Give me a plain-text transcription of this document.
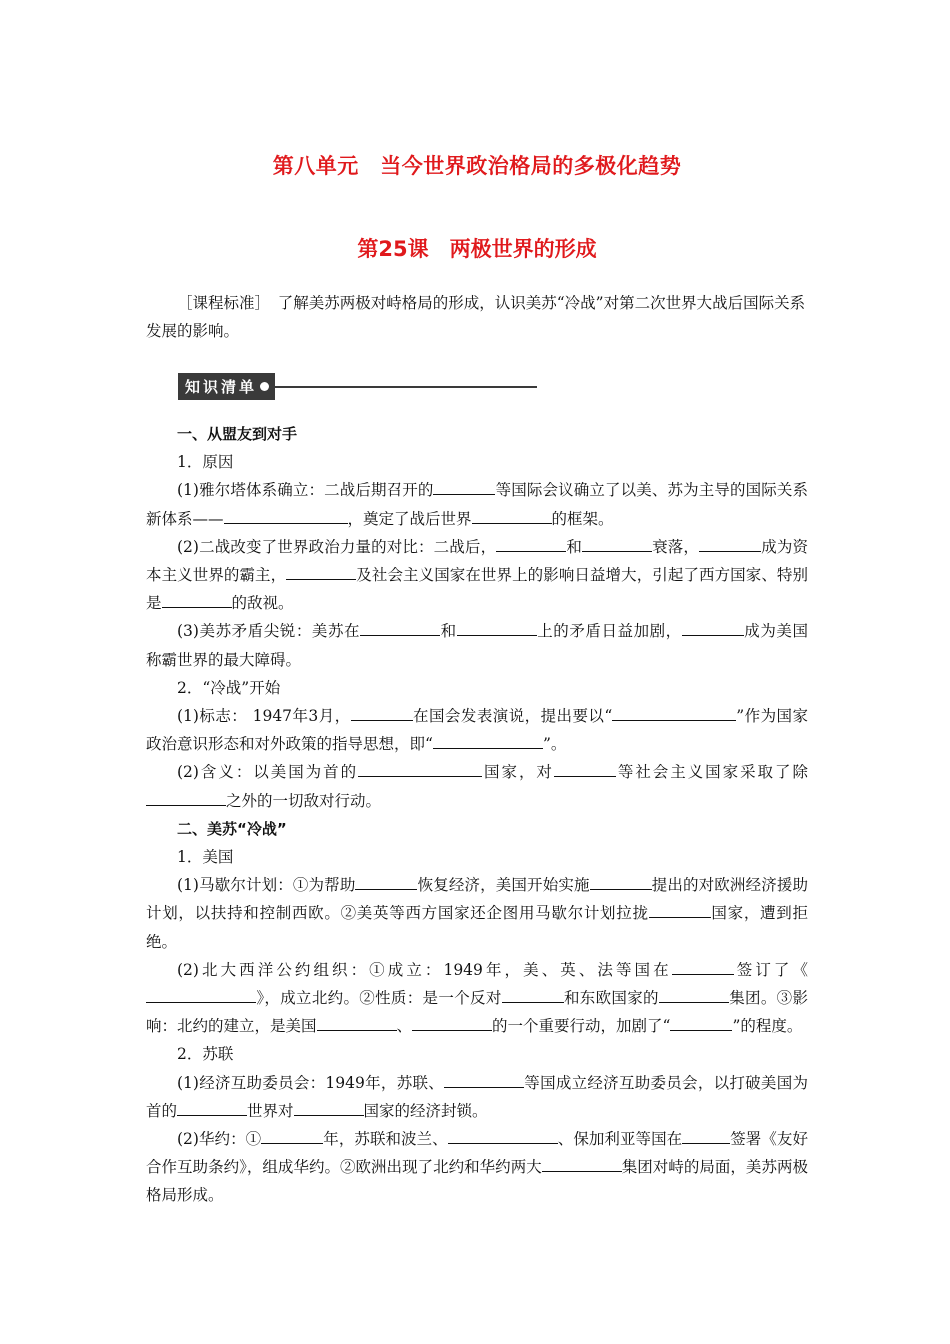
第八单元　当今世界政治格局的多极化趋势
第25课　两极世界的形成
［课程标准］　了解美苏两极对峙格局的形成，认识美苏“冷战”对第二次世界大战后国际关系发展的影响。
知识清单

一、从盟友到对手

1．原因

(1)雅尔塔体系确立：二战后期召开的	等国际会议确立了以美、苏为主导的国际关系新体系——	，奠定了战后世界	的框架。

(2)二战改变了世界政治力量的对比：二战后，	和	衰落，	成为资本主义世界的霸主，	及社会主义国家在世界上的影响日益增大，引起了西方国家、特别是	的敌视。

(3)美苏矛盾尖锐：美苏在	和	上的矛盾日益加剧，	成为美国称霸世界的最大障碍。

2．“冷战”开始

(1)标志： 1947年3月，	在国会发表演说，提出要以“	”作为国家政治意识形态和对外政策的指导思想，即“	”。

(2)含义：以美国为首的	国家，对	等社会主义国家采取了除之外的一切敌对行动。

二、美苏“冷战”

1．美国

(1)马歇尔计划：①为帮助	恢复经济，美国开始实施	提出的对欧洲经济援助计划，以扶持和控制西欧。②美英等西方国家还企图用马歇尔计划拉拢	国家，遭到拒绝。

(2)北大西洋公约组织：①成立：1949年，美、英、法等国在	签订了《》，成立北约。②性质：是一个反对	和东欧国家的	集团。③影响：北约的建立，是美国	、	的一个重要行动，加剧了“	”的程度。

2．苏联

(1)经济互助委员会：1949年，苏联、	等国成立经济互助委员会，以打破美国为首的	世界对	国家的经济封锁。

(2)华约：①	年，苏联和波兰、	、保加利亚等国在	签署《友好合作互助条约》，组成华约。②欧洲出现了北约和华约两大	集团对峙的局面，美苏两极格局形成。
